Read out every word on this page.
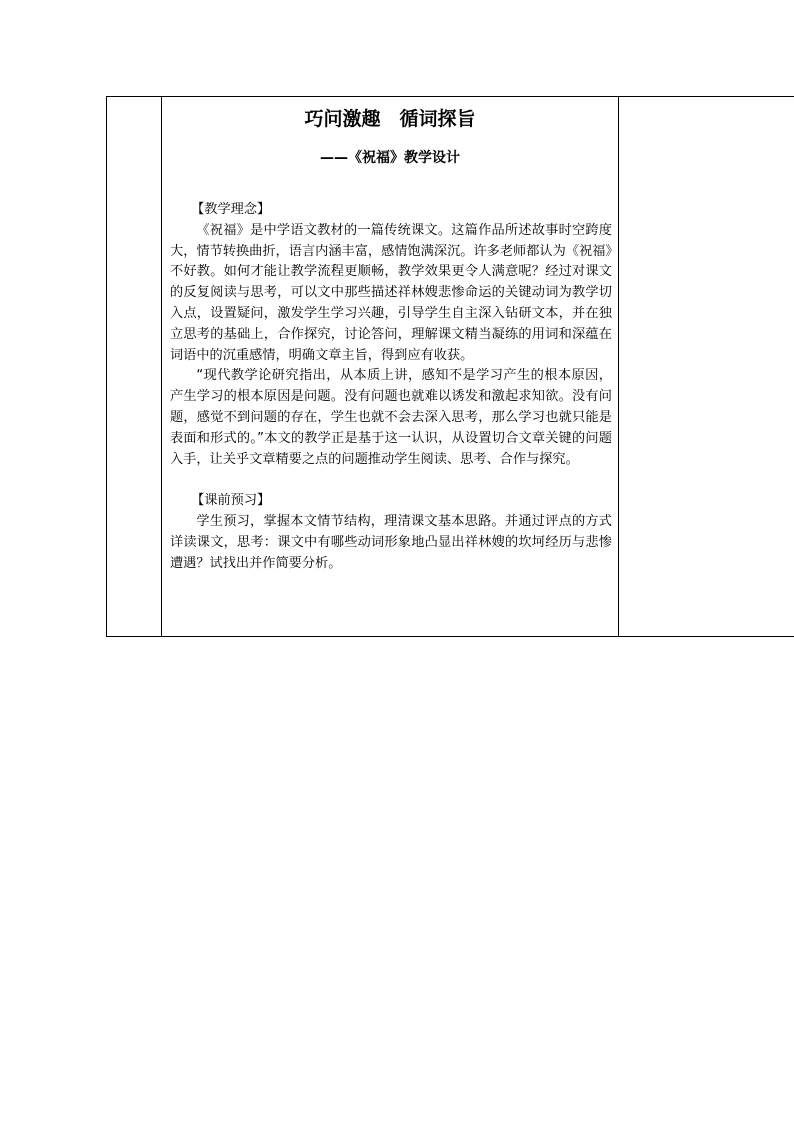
巧问激趣　循词探旨
——《祝福》教学设计

【教学理念】

《祝福》是中学语文教材的一篇传统课文。这篇作品所述故事时空跨度大，情节转换曲折，语言内涵丰富，感情饱满深沉。许多老师都认为《祝福》不好教。如何才能让教学流程更顺畅，教学效果更令人满意呢？经过对课文的反复阅读与思考，可以文中那些描述祥林嫂悲惨命运的关键动词为教学切入点，设置疑问，激发学生学习兴趣，引导学生自主深入钻研文本，并在独立思考的基础上，合作探究，讨论答问，理解课文精当凝练的用词和深蕴在词语中的沉重感情，明确文章主旨，得到应有收获。

“现代教学论研究指出，从本质上讲，感知不是学习产生的根本原因，产生学习的根本原因是问题。没有问题也就难以诱发和激起求知欲。没有问题，感觉不到问题的存在，学生也就不会去深入思考，那么学习也就只能是表面和形式的。”本文的教学正是基于这一认识，从设置切合文章关键的问题入手，让关乎文章精要之点的问题推动学生阅读、思考、合作与探究。

【课前预习】

学生预习，掌握本文情节结构，理清课文基本思路。并通过评点的方式详读课文，思考：课文中有哪些动词形象地凸显出祥林嫂的坎坷经历与悲惨遭遇？试找出并作简要分析。
